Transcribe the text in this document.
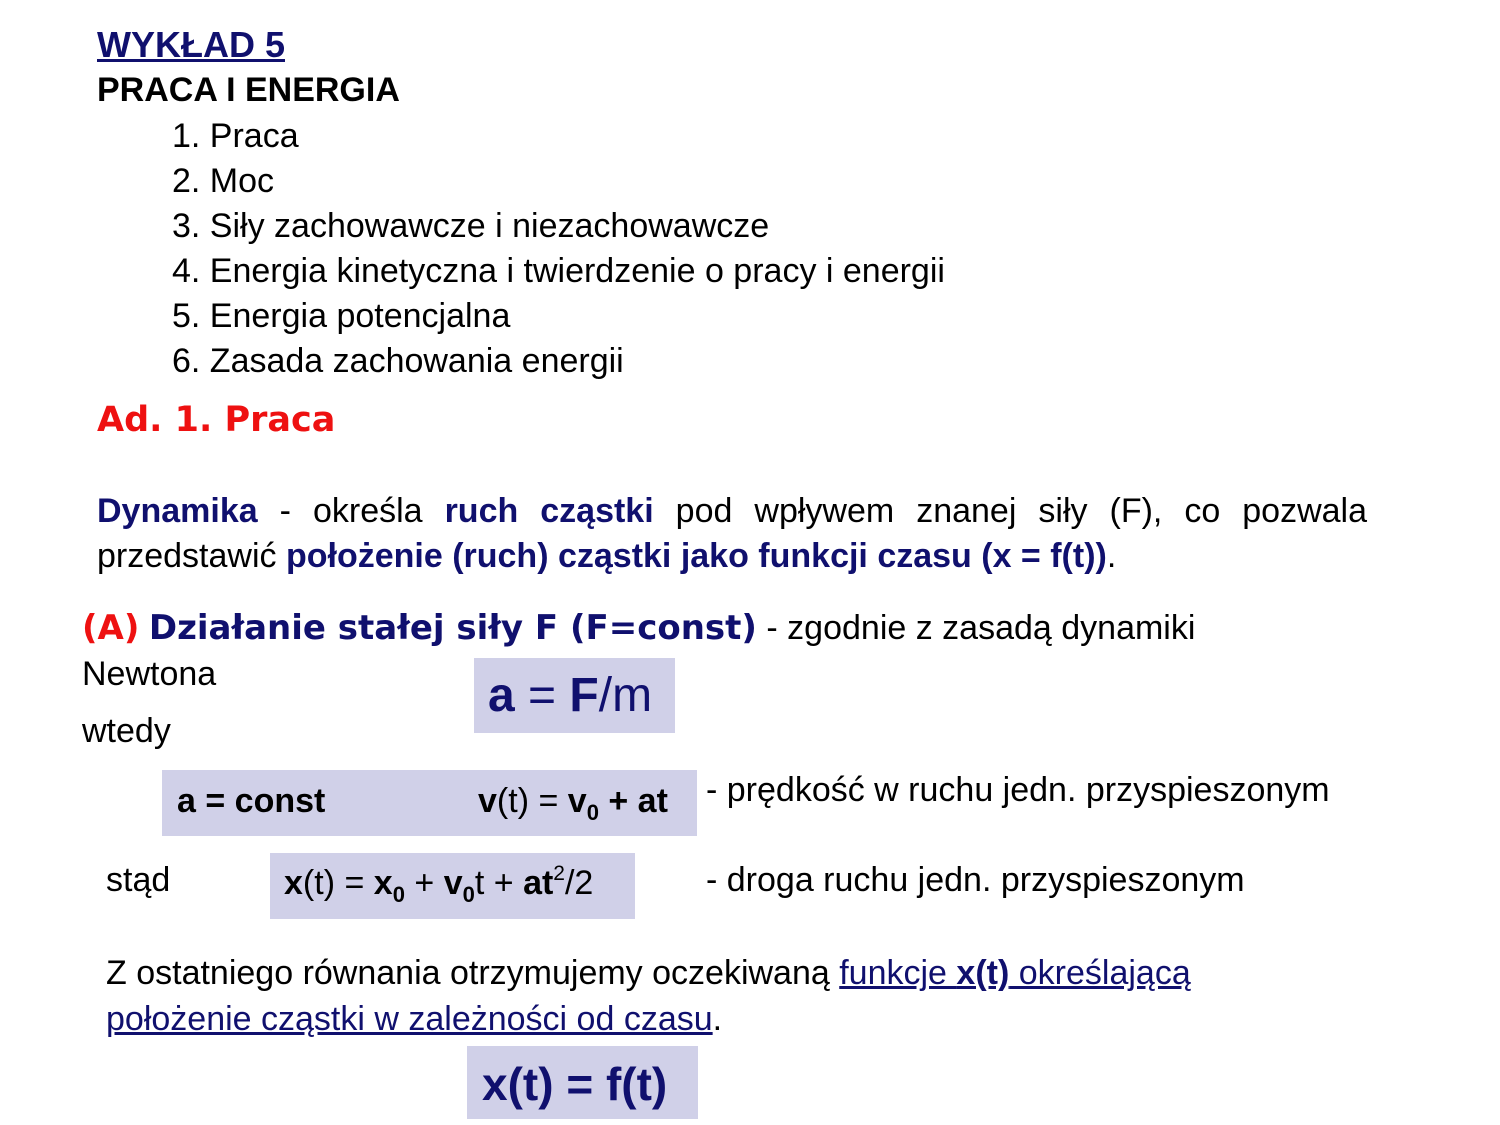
WYKŁAD 5
PRACA I ENERGIA
1. Praca
2. Moc
3. Siły zachowawcze i niezachowawcze
4. Energia kinetyczna i twierdzenie o pracy i energii
5. Energia potencjalna
6. Zasada zachowania energii
Ad. 1. Praca
Dynamika - określa ruch cząstki pod wpływem znanej siły (F), co pozwala przedstawić położenie (ruch) cząstki jako funkcji czasu (x = f(t)).
(A) Działanie stałej siły F (F=const) - zgodnie z zasadą dynamiki
Newtona
wtedy
a = F/m
a = const	$v(t) = v_0$ + at - prędkość w ruchu jedn. przyspieszonym
stąd	$x(t) = x_0 + v_0t + at^2/2$	- droga ruchu jedn. przyspieszonym
Z ostatniego równania otrzymujemy oczekiwaną funkcje x(t) określającą
położenie cząstki w zależności od czasu.
x(t) = f(t)
